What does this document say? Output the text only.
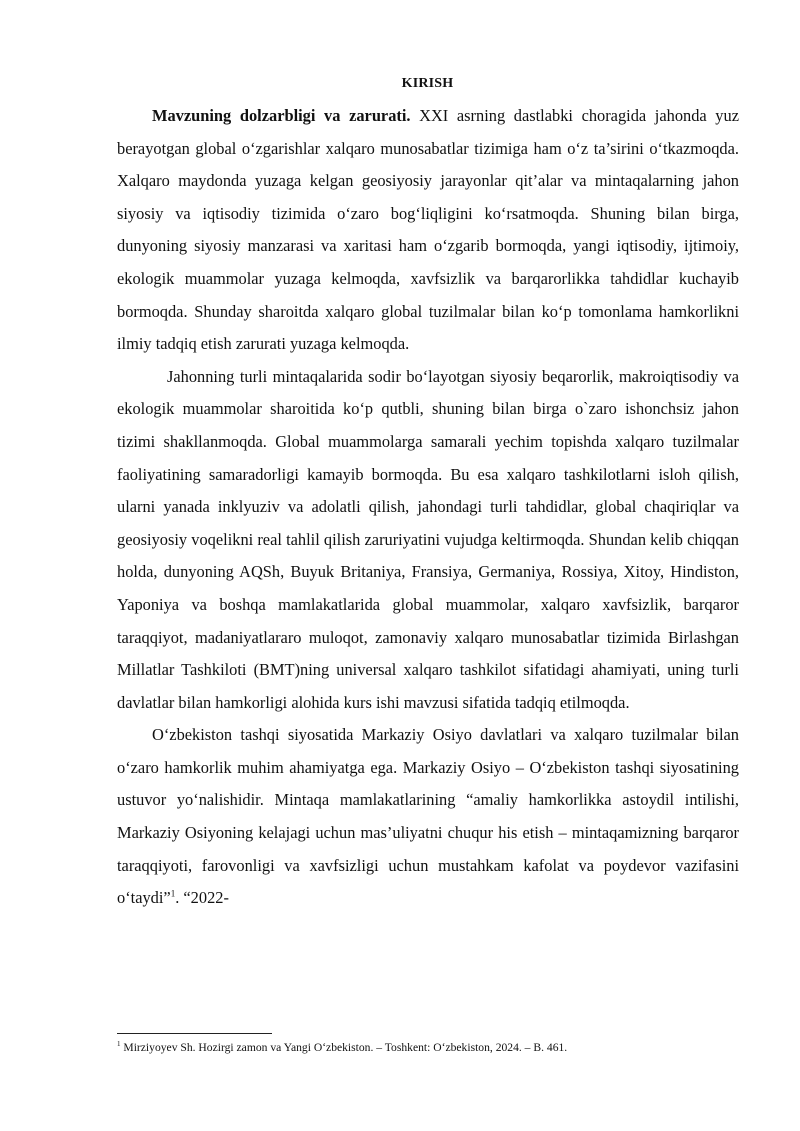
KIRISH

Mavzuning dolzarbligi va zarurati. XXI asrning dastlabki choragida jahonda yuz berayotgan global o‘zgarishlar xalqaro munosabatlar tizimiga ham o‘z ta’sirini o‘tkazmoqda. Xalqaro maydonda yuzaga kelgan geosiyosiy jarayonlar qit’alar va mintaqalarning jahon siyosiy va iqtisodiy tizimida o‘zaro bog‘liqligini ko‘rsatmoqda. Shuning bilan birga, dunyoning siyosiy manzarasi va xaritasi ham o‘zgarib bormoqda, yangi iqtisodiy, ijtimoiy, ekologik muammolar yuzaga kelmoqda, xavfsizlik va barqarorlikka tahdidlar kuchayib bormoqda. Shunday sharoitda xalqaro global tuzilmalar bilan ko‘p tomonlama hamkorlikni ilmiy tadqiq etish zarurati yuzaga kelmoqda.

Jahonning turli mintaqalarida sodir bo‘layotgan siyosiy beqarorlik, makroiqtisodiy va ekologik muammolar sharoitida ko‘p qutbli, shuning bilan birga o`zaro ishonchsiz jahon tizimi shakllanmoqda. Global muammolarga samarali yechim topishda xalqaro tuzilmalar faoliyatining samaradorligi kamayib bormoqda. Bu esa xalqaro tashkilotlarni isloh qilish, ularni yanada inklyuziv va adolatli qilish, jahondagi turli tahdidlar, global chaqiriqlar va geosiyosiy voqelikni real tahlil qilish zaruriyatini vujudga keltirmoqda. Shundan kelib chiqqan holda, dunyoning AQSh, Buyuk Britaniya, Fransiya, Germaniya, Rossiya, Xitoy, Hindiston, Yaponiya va boshqa mamlakatlarida global muammolar, xalqaro xavfsizlik, barqaror taraqqiyot, madaniyatlararo muloqot, zamonaviy xalqaro munosabatlar tizimida Birlashgan Millatlar Tashkiloti (BMT)ning universal xalqaro tashkilot sifatidagi ahamiyati, uning turli davlatlar bilan hamkorligi alohida kurs ishi mavzusi sifatida tadqiq etilmoqda.

O‘zbekiston tashqi siyosatida Markaziy Osiyo davlatlari va xalqaro tuzilmalar bilan o‘zaro hamkorlik muhim ahamiyatga ega. Markaziy Osiyo – O‘zbekiston tashqi siyosatining ustuvor yo‘nalishidir. Mintaqa mamlakatlarining “amaliy hamkorlikka astoydil intilishi, Markaziy Osiyoning kelajagi uchun mas’uliyatni chuqur his etish – mintaqamizning barqaror taraqqiyoti, farovonligi va xavfsizligi uchun mustahkam kafolat va poydevor vazifasini o‘taydi”$^1$. “2022-

$^1$ Mirziyoyev Sh. Hozirgi zamon va Yangi O‘zbekiston. – Toshkent: O‘zbekiston, 2024. – B. 461.
